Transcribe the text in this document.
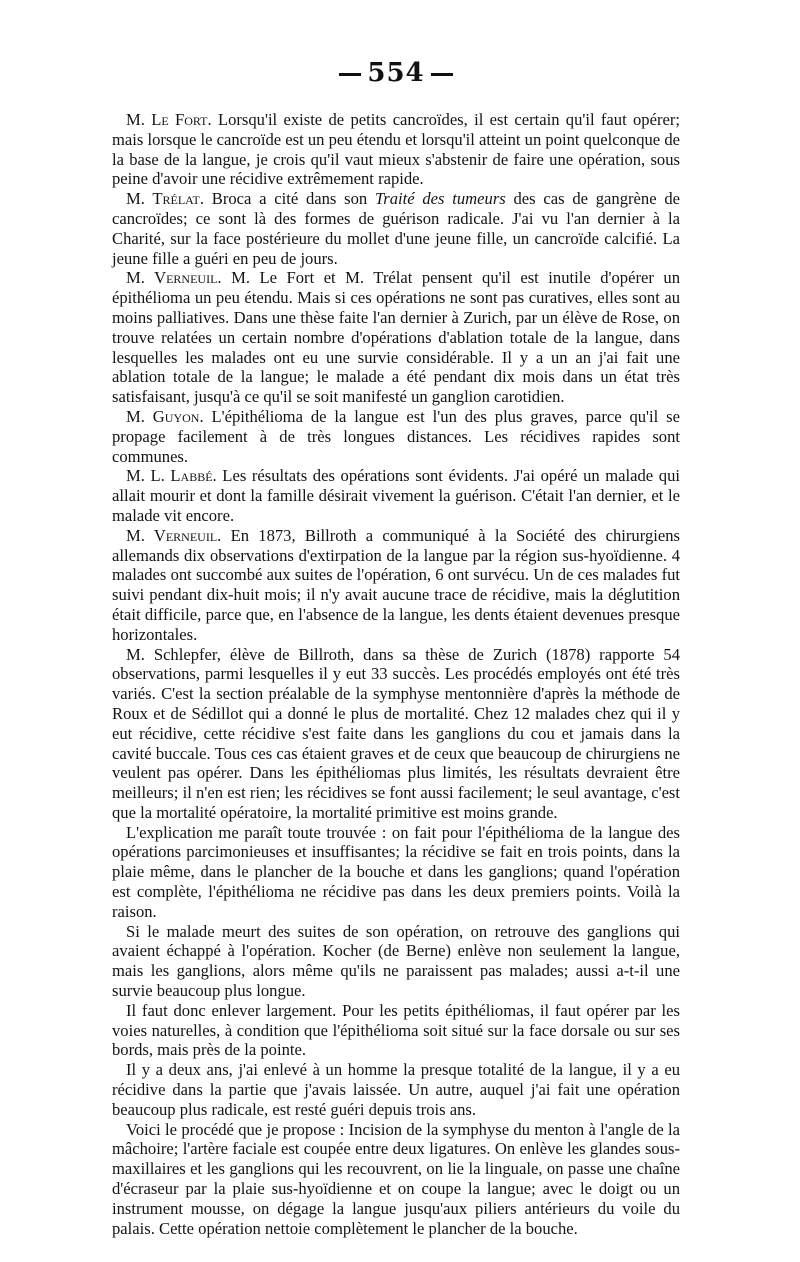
554

M. Le Fort. Lorsqu'il existe de petits cancroïdes, il est certain qu'il faut opérer; mais lorsque le cancroïde est un peu étendu et lorsqu'il atteint un point quelconque de la base de la langue, je crois qu'il vaut mieux s'abstenir de faire une opération, sous peine d'avoir une récidive extrêmement rapide.

M. Trélat. Broca a cité dans son Traité des tumeurs des cas de gangrène de cancroïdes; ce sont là des formes de guérison radicale. J'ai vu l'an dernier à la Charité, sur la face postérieure du mollet d'une jeune fille, un cancroïde calcifié. La jeune fille a guéri en peu de jours.

M. Verneuil. M. Le Fort et M. Trélat pensent qu'il est inutile d'opérer un épithélioma un peu étendu. Mais si ces opérations ne sont pas curatives, elles sont au moins palliatives. Dans une thèse faite l'an dernier à Zurich, par un élève de Rose, on trouve relatées un certain nombre d'opérations d'ablation totale de la langue, dans lesquelles les malades ont eu une survie considérable. Il y a un an j'ai fait une ablation totale de la langue; le malade a été pendant dix mois dans un état très satisfaisant, jusqu'à ce qu'il se soit manifesté un ganglion carotidien.

M. Guyon. L'épithélioma de la langue est l'un des plus graves, parce qu'il se propage facilement à de très longues distances. Les récidives rapides sont communes.

M. L. Labbé. Les résultats des opérations sont évidents. J'ai opéré un malade qui allait mourir et dont la famille désirait vivement la guérison. C'était l'an dernier, et le malade vit encore.

M. Verneuil. En 1873, Billroth a communiqué à la Société des chirurgiens allemands dix observations d'extirpation de la langue par la région sus-hyoïdienne. 4 malades ont succombé aux suites de l'opération, 6 ont survécu. Un de ces malades fut suivi pendant dix-huit mois; il n'y avait aucune trace de récidive, mais la déglutition était difficile, parce que, en l'absence de la langue, les dents étaient devenues presque horizontales.

M. Schlepfer, élève de Billroth, dans sa thèse de Zurich (1878) rapporte 54 observations, parmi lesquelles il y eut 33 succès. Les procédés employés ont été très variés. C'est la section préalable de la symphyse mentonnière d'après la méthode de Roux et de Sédillot qui a donné le plus de mortalité. Chez 12 malades chez qui il y eut récidive, cette récidive s'est faite dans les ganglions du cou et jamais dans la cavité buccale. Tous ces cas étaient graves et de ceux que beaucoup de chirurgiens ne veulent pas opérer. Dans les épithéliomas plus limités, les résultats devraient être meilleurs; il n'en est rien; les récidives se font aussi facilement; le seul avantage, c'est que la mortalité opératoire, la mortalité primitive est moins grande.

L'explication me paraît toute trouvée : on fait pour l'épithélioma de la langue des opérations parcimonieuses et insuffisantes; la récidive se fait en trois points, dans la plaie même, dans le plancher de la bouche et dans les ganglions; quand l'opération est complète, l'épithélioma ne récidive pas dans les deux premiers points. Voilà la raison.

Si le malade meurt des suites de son opération, on retrouve des ganglions qui avaient échappé à l'opération. Kocher (de Berne) enlève non seulement la langue, mais les ganglions, alors même qu'ils ne paraissent pas malades; aussi a-t-il une survie beaucoup plus longue.

Il faut donc enlever largement. Pour les petits épithéliomas, il faut opérer par les voies naturelles, à condition que l'épithélioma soit situé sur la face dorsale ou sur ses bords, mais près de la pointe.

Il y a deux ans, j'ai enlevé à un homme la presque totalité de la langue, il y a eu récidive dans la partie que j'avais laissée. Un autre, auquel j'ai fait une opération beaucoup plus radicale, est resté guéri depuis trois ans.

Voici le procédé que je propose : Incision de la symphyse du menton à l'angle de la mâchoire; l'artère faciale est coupée entre deux ligatures. On enlève les glandes sous-maxillaires et les ganglions qui les recouvrent, on lie la linguale, on passe une chaîne d'écraseur par la plaie sus-hyoïdienne et on coupe la langue; avec le doigt ou un instrument mousse, on dégage la langue jusqu'aux piliers antérieurs du voile du palais. Cette opération nettoie complètement le plancher de la bouche.
